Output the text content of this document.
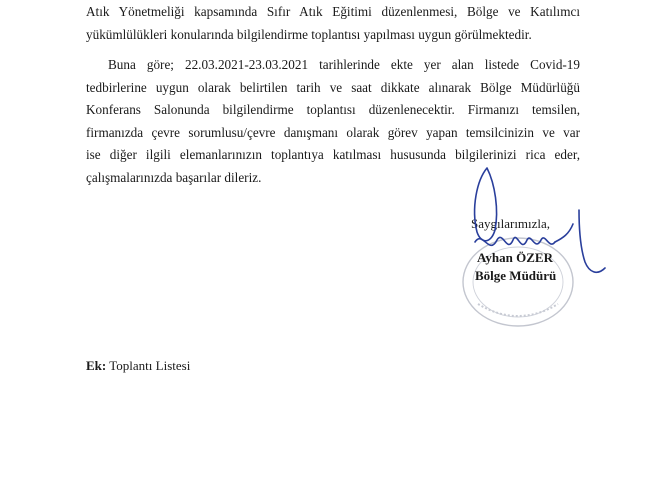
Atık Yönetmeliği kapsamında Sıfır Atık Eğitimi düzenlenmesi, Bölge ve Katılımcı
yükümlülükleri konularında bilgilendirme toplantısı yapılması uygun görülmektedir.
Buna göre; 22.03.2021-23.03.2021 tarihlerinde ekte yer alan listede Covid-19
tedbirlerine uygun olarak belirtilen tarih ve saat dikkate alınarak Bölge Müdürlüğü
Konferans Salonunda bilgilendirme toplantısı düzenlenecektir. Firmanızı temsilen,
firmanızda çevre sorumlusu/çevre danışmanı olarak görev yapan temsilcinizin ve var
ise diğer ilgili elemanlarınızın toplantıya katılması hususunda bilgilerinizi rica eder,
çalışmalarınızda başarılar dileriz.
Saygılarımızla,
Ayhan ÖZER
Bölge Müdürü
Ek: Toplantı Listesi
